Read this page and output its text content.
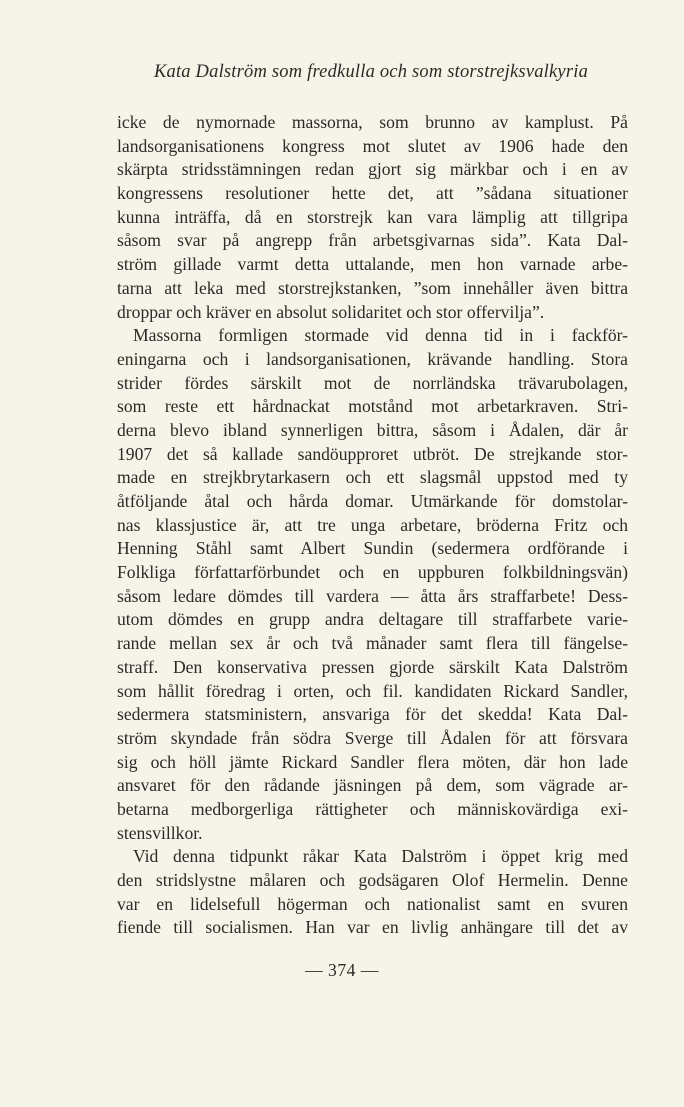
Kata Dalström som fredkulla och som storstrejksvalkyria
icke de nymornade massorna, som brunno av kamplust. På
landsorganisationens kongress mot slutet av 1906 hade den
skärpta stridsstämningen redan gjort sig märkbar och i en av
kongressens resolutioner hette det, att ”sådana situationer
kunna inträffa, då en storstrejk kan vara lämplig att tillgripa
såsom svar på angrepp från arbetsgivarnas sida”. Kata Dal-
ström gillade varmt detta uttalande, men hon varnade arbe-
tarna att leka med storstrejkstanken, ”som innehåller även bittra
droppar och kräver en absolut solidaritet och stor offervilja”.
Massorna formligen stormade vid denna tid in i fackför-
eningarna och i landsorganisationen, krävande handling. Stora
strider fördes särskilt mot de norrländska trävarubolagen,
som reste ett hårdnackat motstånd mot arbetarkraven. Stri-
derna blevo ibland synnerligen bittra, såsom i Ådalen, där år
1907 det så kallade sandöupproret utbröt. De strejkande stor-
made en strejkbrytarkasern och ett slagsmål uppstod med ty
åtföljande åtal och hårda domar. Utmärkande för domstolar-
nas klassjustice är, att tre unga arbetare, bröderna Fritz och
Henning Ståhl samt Albert Sundin (sedermera ordförande i
Folkliga författarförbundet och en uppburen folkbildningsvän)
såsom ledare dömdes till vardera — åtta års straffarbete! Dess-
utom dömdes en grupp andra deltagare till straffarbete varie-
rande mellan sex år och två månader samt flera till fängelse-
straff. Den konservativa pressen gjorde särskilt Kata Dalström
som hållit föredrag i orten, och fil. kandidaten Rickard Sandler,
sedermera statsministern, ansvariga för det skedda! Kata Dal-
ström skyndade från södra Sverge till Ådalen för att försvara
sig och höll jämte Rickard Sandler flera möten, där hon lade
ansvaret för den rådande jäsningen på dem, som vägrade ar-
betarna medborgerliga rättigheter och människovärdiga exi-
stensvillkor.
Vid denna tidpunkt råkar Kata Dalström i öppet krig med
den stridslystne målaren och godsägaren Olof Hermelin. Denne
var en lidelsefull högerman och nationalist samt en svuren
fiende till socialismen. Han var en livlig anhängare till det av
— 374 —
